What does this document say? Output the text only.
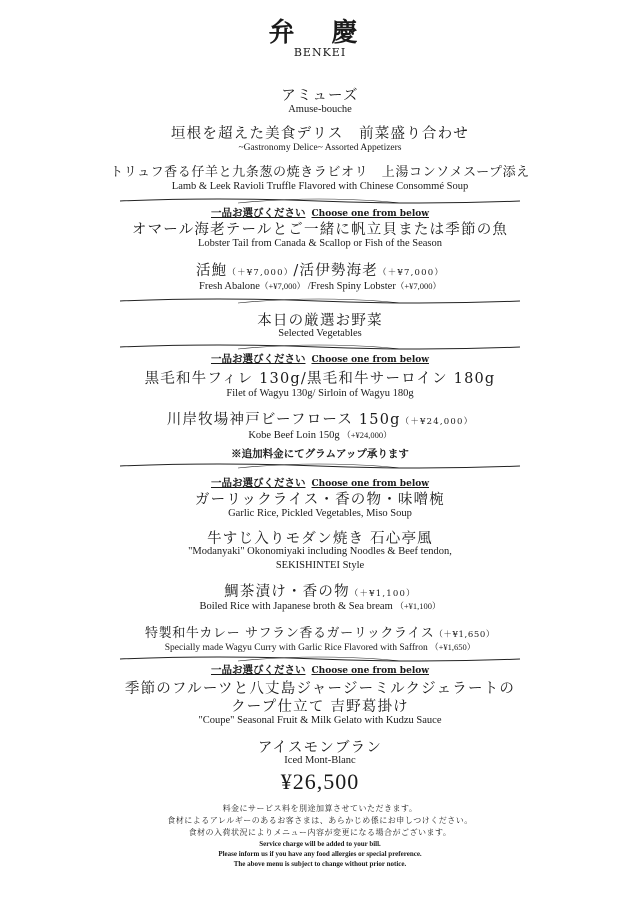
弁 慶
BENKEI
アミューズ
Amuse-bouche
垣根を超えた美食デリス　前菜盛り合わせ
~Gastronomy Delice~ Assorted Appetizers
トリュフ香る仔羊と九条葱の焼きラビオリ　上湯コンソメスープ添え
Lamb & Leek Ravioli Truffle Flavored with Chinese Consommé Soup
一品お選びください Choose one from below
オマール海老テールとご一緒に帆立貝または季節の魚
Lobster Tail from Canada & Scallop or Fish of the Season
活鮑（＋¥7,000）/活伊勢海老（＋¥7,000）
Fresh Abalone（+¥7,000） /Fresh Spiny Lobster（+¥7,000）
本日の厳選お野菜
Selected Vegetables
一品お選びください Choose one from below
黒毛和牛フィレ 130g/黒毛和牛サーロイン 180g
Filet of Wagyu 130g/ Sirloin of Wagyu 180g
川岸牧場神戸ビーフロース 150g（＋¥24,000）
Kobe Beef Loin 150g （+¥24,000）
※追加料金にてグラムアップ承ります
一品お選びください Choose one from below
ガーリックライス・香の物・味噌椀
Garlic Rice, Pickled Vegetables, Miso Soup
牛すじ入りモダン焼き 石心亭風
"Modanyaki" Okonomiyaki including Noodles & Beef tendon,
SEKISHINTEI Style
鯛茶漬け・香の物（＋¥1,100）
Boiled Rice with Japanese broth & Sea bream （+¥1,100）
特製和牛カレー サフラン香るガーリックライス（＋¥1,650）
Specially made Wagyu Curry with Garlic Rice Flavored with Saffron （+¥1,650）
一品お選びください Choose one from below
季節のフルーツと八丈島ジャージーミルクジェラートの
クープ仕立て 吉野葛掛け
"Coupe" Seasonal Fruit & Milk Gelato with Kudzu Sauce
アイスモンブラン
Iced Mont-Blanc
¥26,500
料金にサービス料を別途加算させていただきます。
食材によるアレルギーのあるお客さまは、あらかじめ係にお申しつけください。
食材の入荷状況によりメニュー内容が変更になる場合がございます。
Service charge will be added to your bill.
Please inform us if you have any food allergies or special preference.
The above menu is subject to change without prior notice.
